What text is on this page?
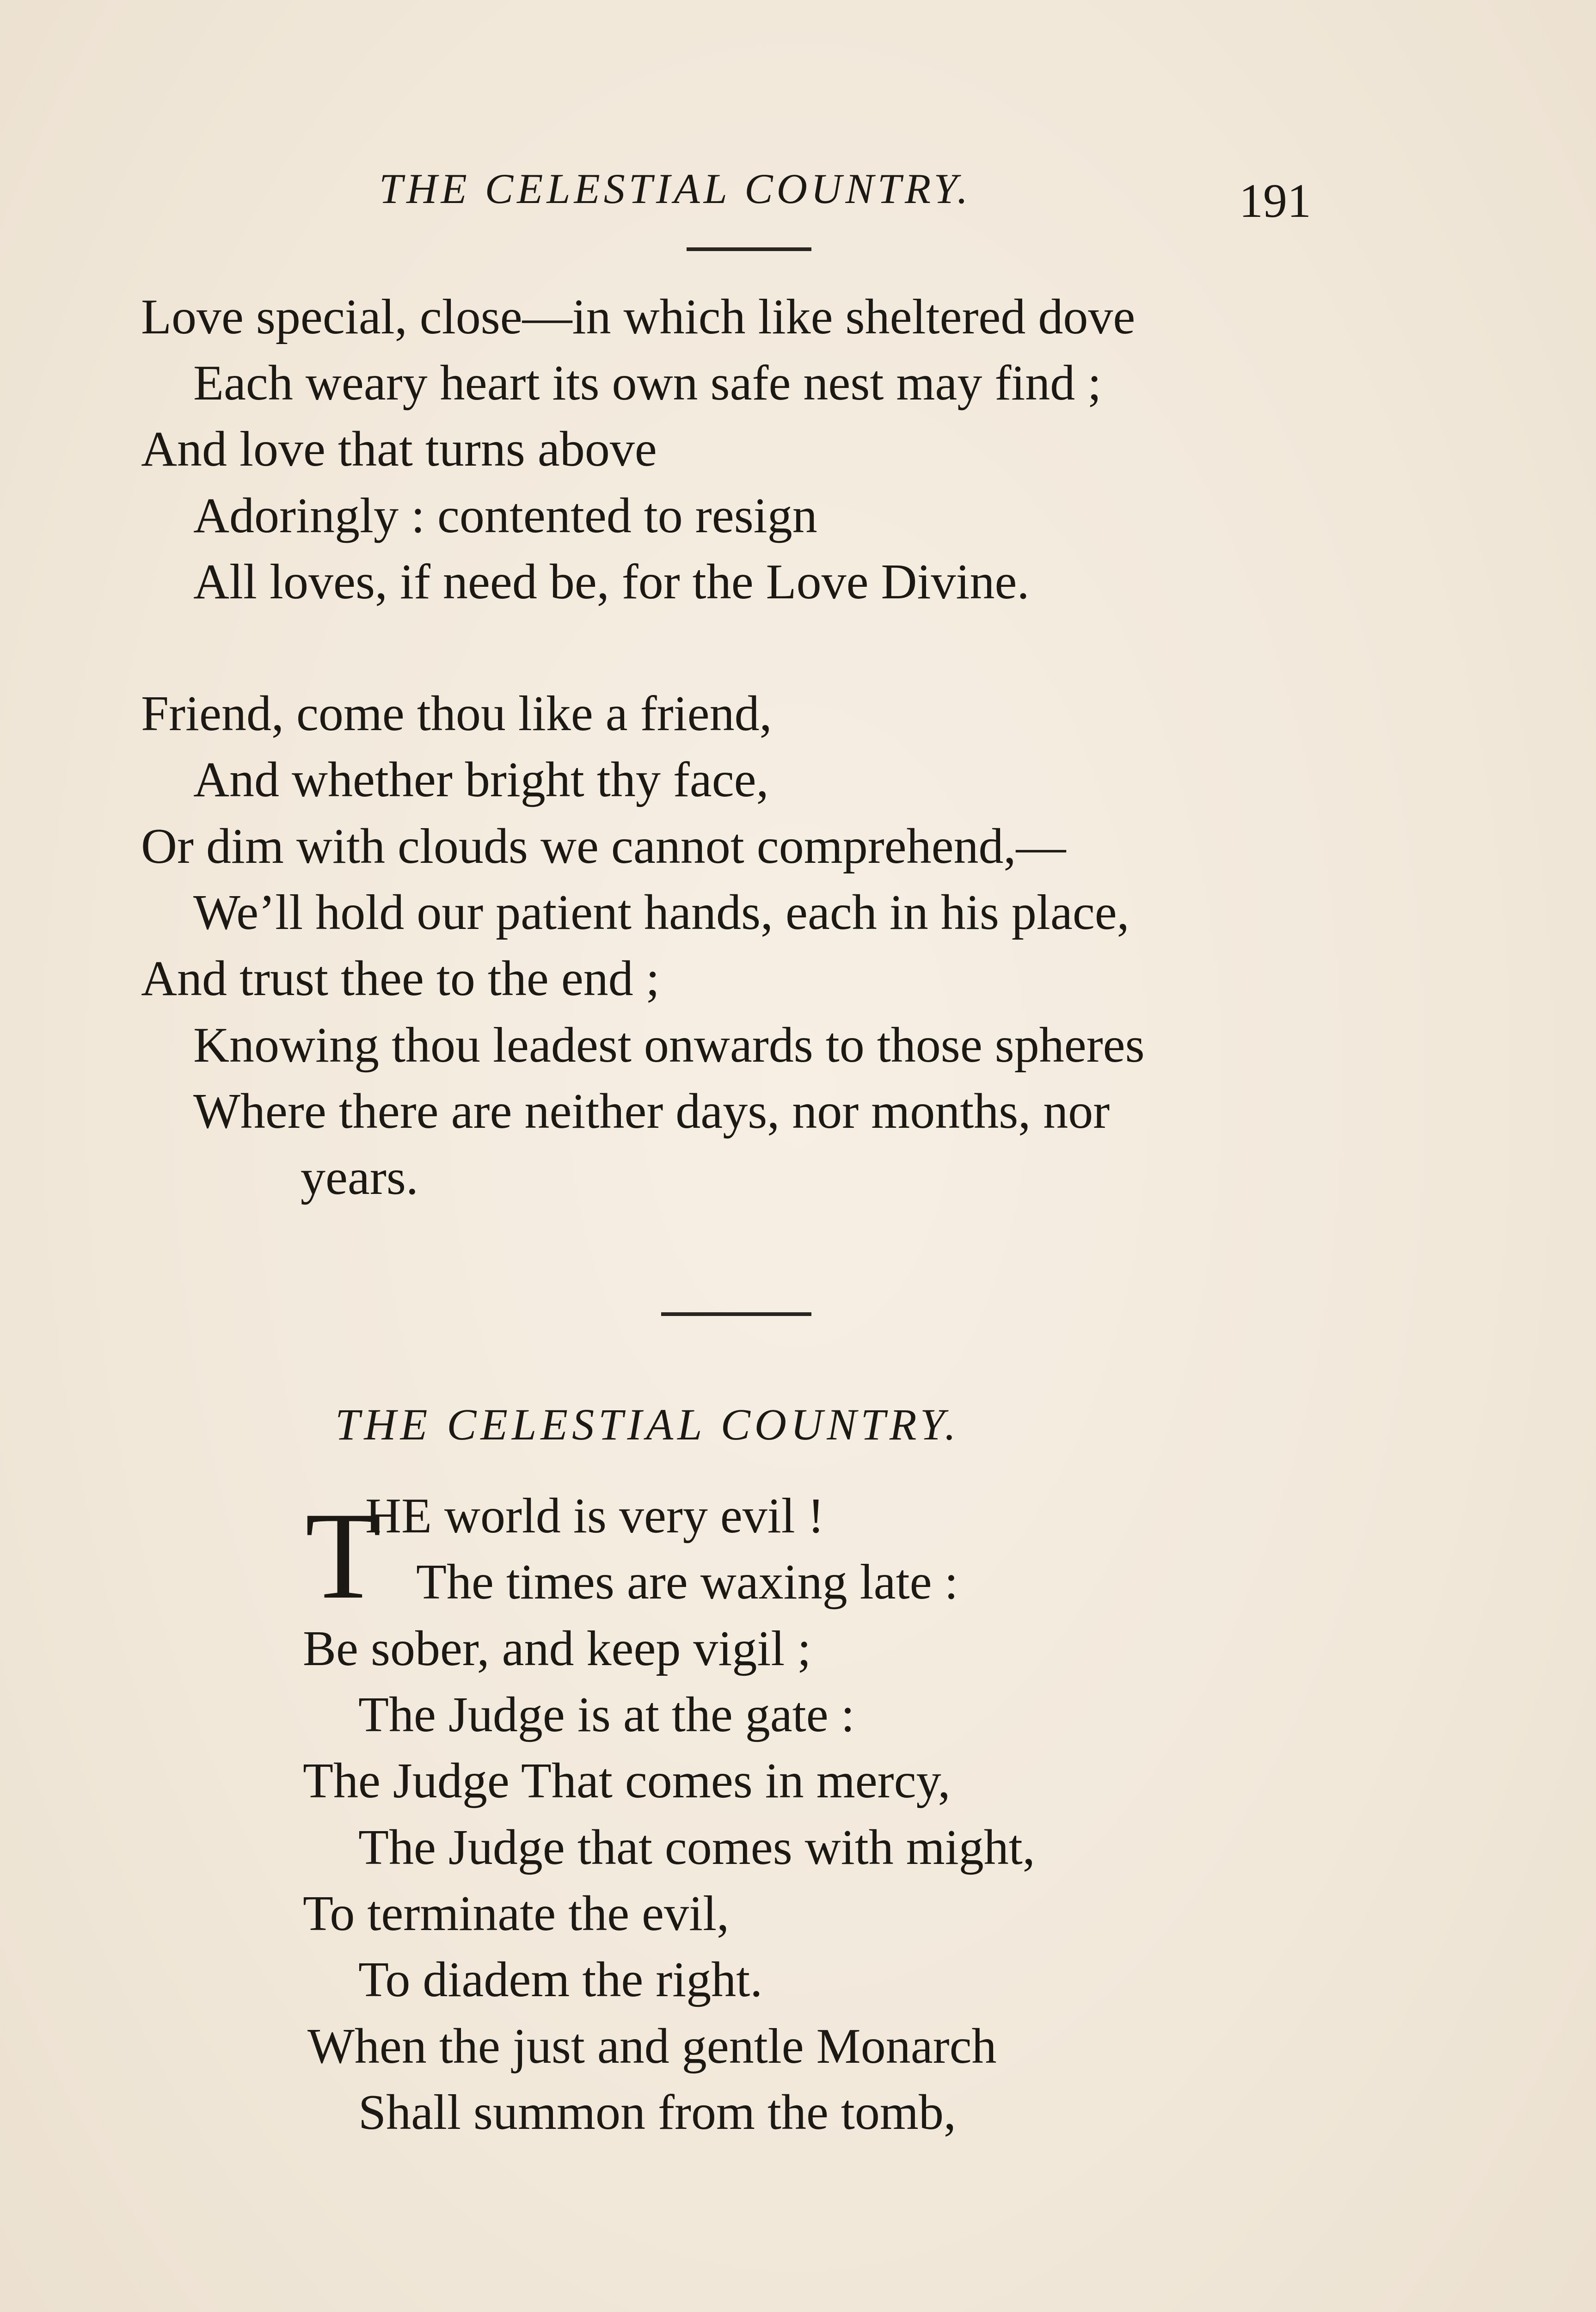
THE CELESTIAL COUNTRY.	191
Love special, close—in which like sheltered dove
Each weary heart its own safe nest may find ;
And love that turns above
Adoringly : contented to resign
All loves, if need be, for the Love Divine.
Friend, come thou like a friend,
And whether bright thy face,
Or dim with clouds we cannot comprehend,—
We’ll hold our patient hands, each in his place,
And trust thee to the end ;
Knowing thou leadest onwards to those spheres
Where there are neither days, nor months, nor
years.
THE CELESTIAL COUNTRY.
T
HE world is very evil !
The times are waxing late :
Be sober, and keep vigil ;
The Judge is at the gate :
The Judge That comes in mercy,
The Judge that comes with might,
To terminate the evil,
To diadem the right.
When the just and gentle Monarch
Shall summon from the tomb,
